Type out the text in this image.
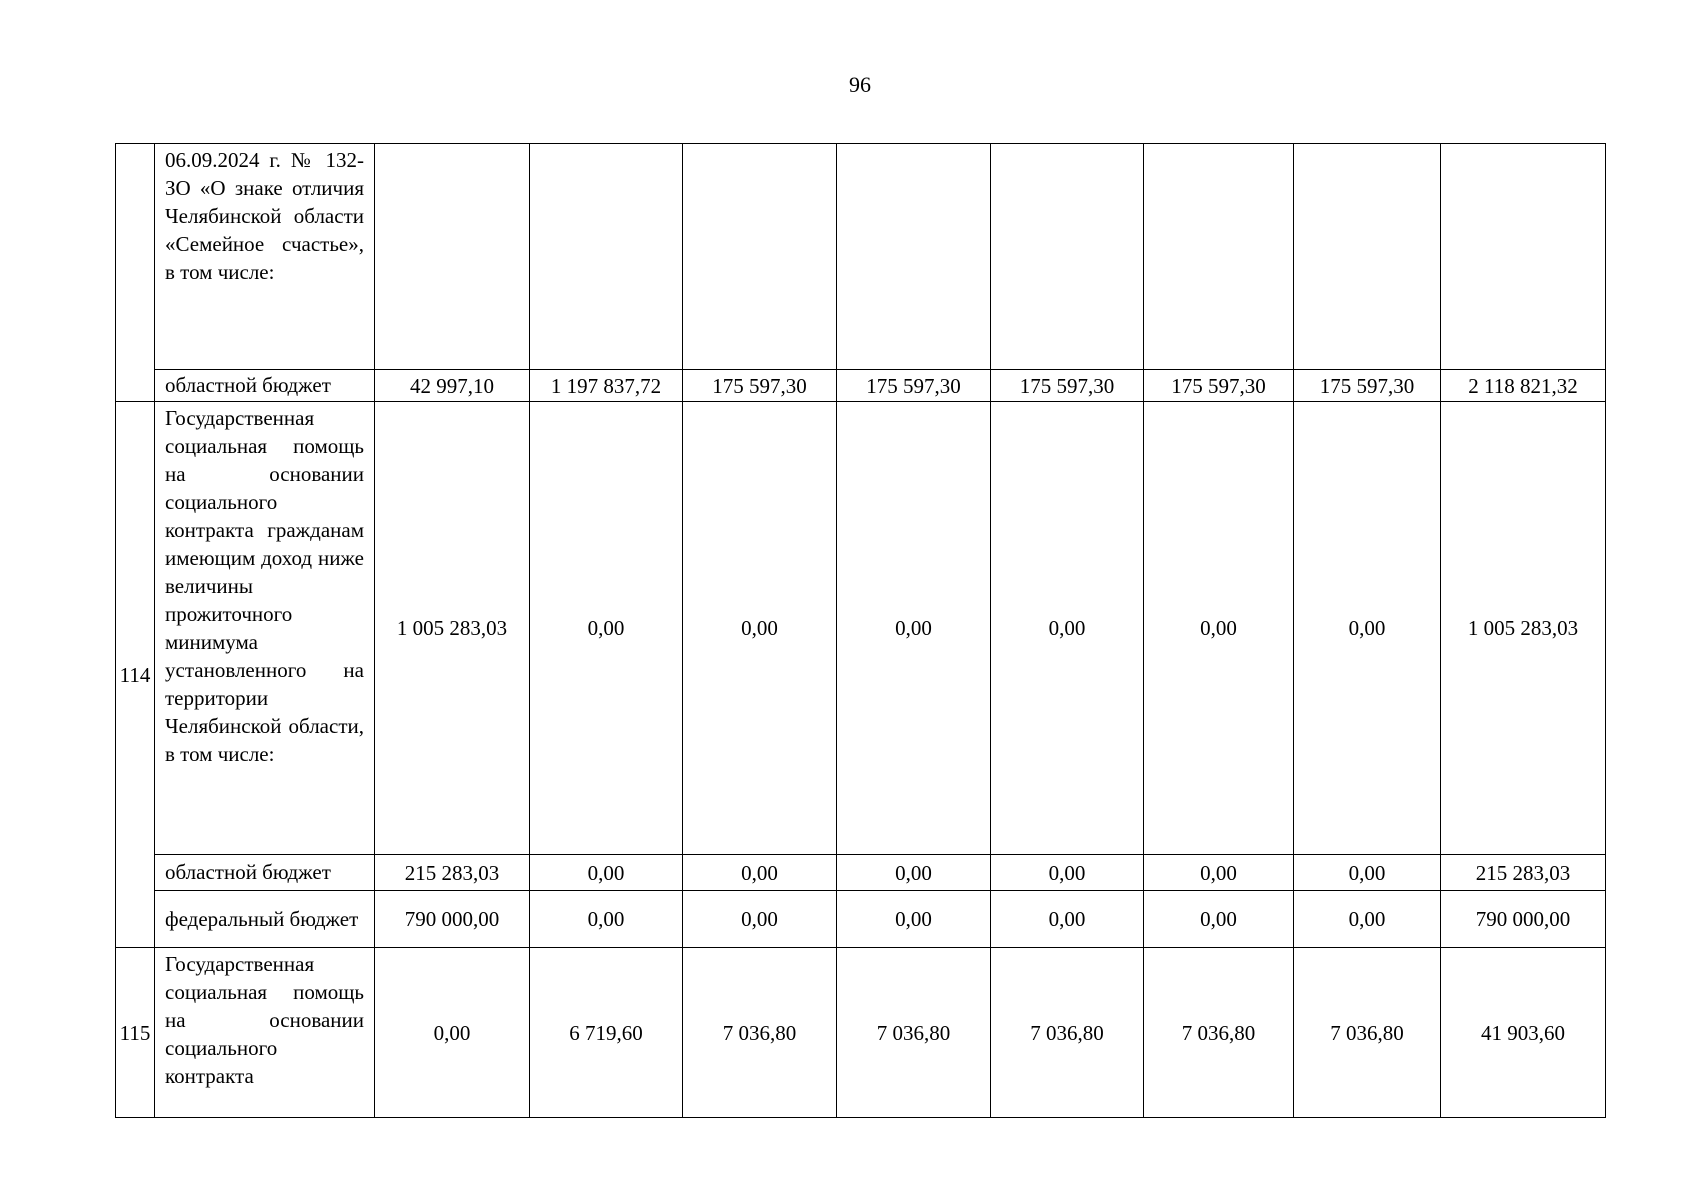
96
	06.09.2024 г. № 132-ЗО «О знаке отличия Челябинской области «Семейное счастье», в том числе:								
	областной бюджет	42 997,10	1 197 837,72	175 597,30	175 597,30	175 597,30	175 597,30	175 597,30	2 118 821,32
114	Государственная социальная помощь на основании социального контракта гражданам имеющим доход ниже величины прожиточного минимума установленного на территории Челябинской области, в том числе:	1 005 283,03	0,00	0,00	0,00	0,00	0,00	0,00	1 005 283,03
	областной бюджет	215 283,03	0,00	0,00	0,00	0,00	0,00	0,00	215 283,03
	федеральный бюджет	790 000,00	0,00	0,00	0,00	0,00	0,00	0,00	790 000,00
115	Государственная социальная помощь на основании социального контракта	0,00	6 719,60	7 036,80	7 036,80	7 036,80	7 036,80	7 036,80	41 903,60
